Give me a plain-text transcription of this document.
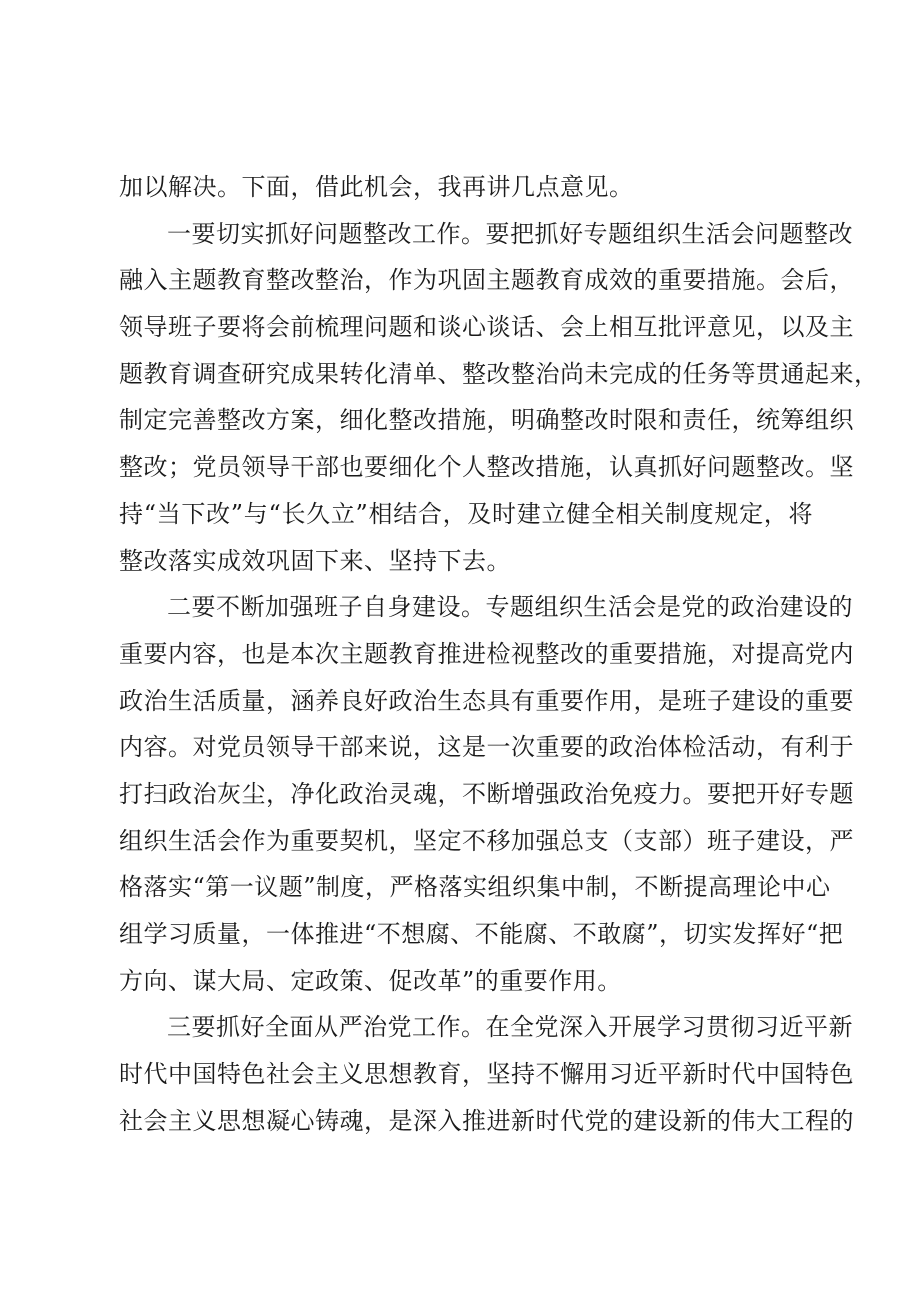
加以解决。下面，借此机会，我再讲几点意见。
一要切实抓好问题整改工作。要把抓好专题组织生活会问题整改
融入主题教育整改整治，作为巩固主题教育成效的重要措施。会后，
领导班子要将会前梳理问题和谈心谈话、会上相互批评意见，以及主
题教育调查研究成果转化清单、整改整治尚未完成的任务等贯通起来，
制定完善整改方案，细化整改措施，明确整改时限和责任，统筹组织
整改；党员领导干部也要细化个人整改措施，认真抓好问题整改。坚
持“当下改”与“长久立”相结合，及时建立健全相关制度规定，将
整改落实成效巩固下来、坚持下去。
二要不断加强班子自身建设。专题组织生活会是党的政治建设的
重要内容，也是本次主题教育推进检视整改的重要措施，对提高党内
政治生活质量，涵养良好政治生态具有重要作用，是班子建设的重要
内容。对党员领导干部来说，这是一次重要的政治体检活动，有利于
打扫政治灰尘，净化政治灵魂，不断增强政治免疫力。要把开好专题
组织生活会作为重要契机，坚定不移加强总支（支部）班子建设，严
格落实“第一议题”制度，严格落实组织集中制，不断提高理论中心
组学习质量，一体推进“不想腐、不能腐、不敢腐”，切实发挥好“把
方向、谋大局、定政策、促改革”的重要作用。
三要抓好全面从严治党工作。在全党深入开展学习贯彻习近平新
时代中国特色社会主义思想教育，坚持不懈用习近平新时代中国特色
社会主义思想凝心铸魂，是深入推进新时代党的建设新的伟大工程的
